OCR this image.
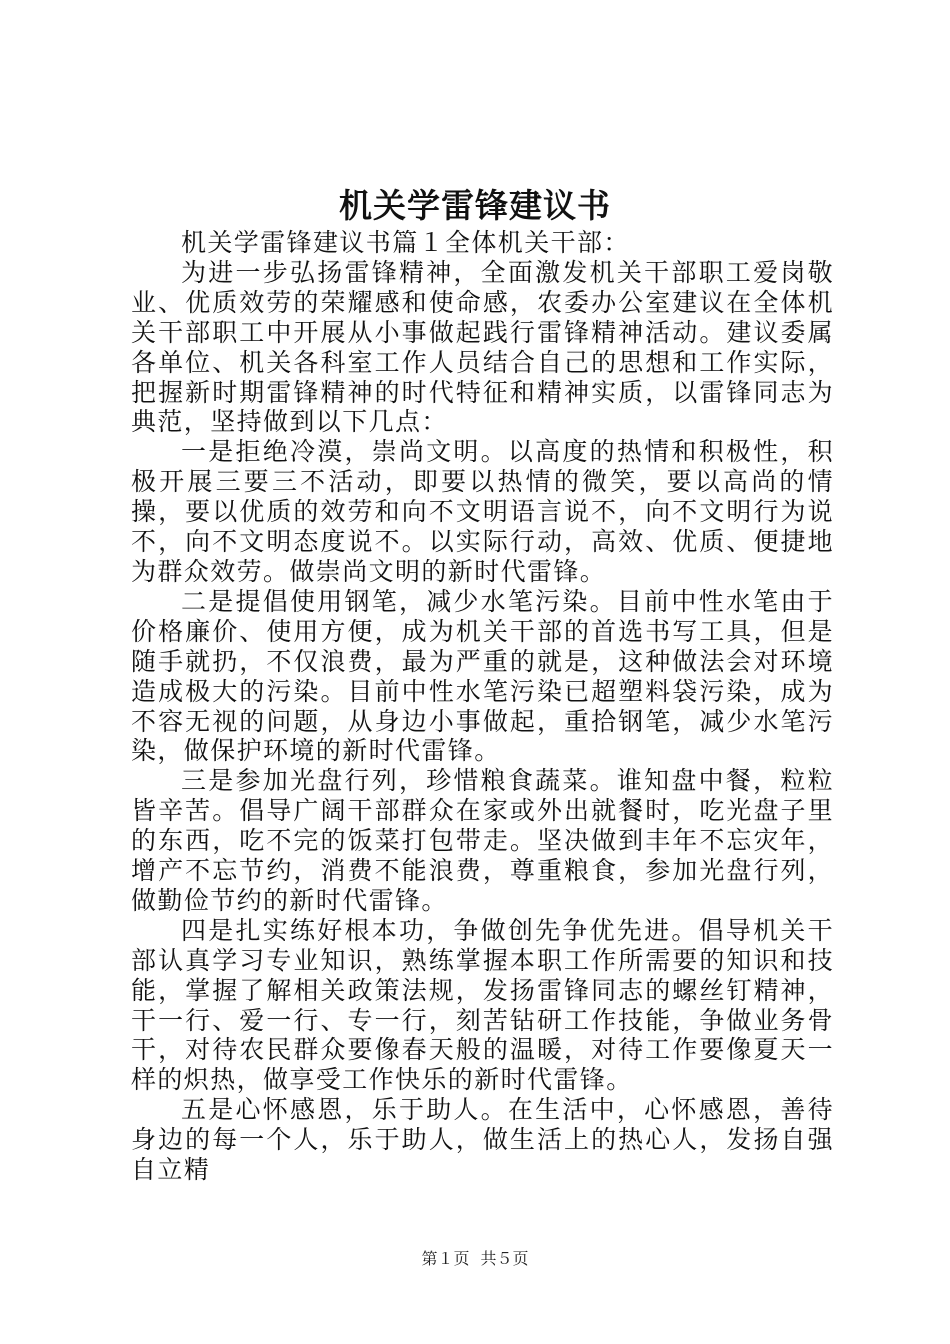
机关学雷锋建议书

机关学雷锋建议书篇１全体机关干部：

为进一步弘扬雷锋精神，全面激发机关干部职工爱岗敬业、优质效劳的荣耀感和使命感，农委办公室建议在全体机关干部职工中开展从小事做起践行雷锋精神活动。建议委属各单位、机关各科室工作人员结合自己的思想和工作实际，把握新时期雷锋精神的时代特征和精神实质，以雷锋同志为典范，坚持做到以下几点：

一是拒绝冷漠，崇尚文明。以高度的热情和积极性，积极开展三要三不活动，即要以热情的微笑，要以高尚的情操，要以优质的效劳和向不文明语言说不，向不文明行为说不，向不文明态度说不。以实际行动，高效、优质、便捷地为群众效劳。做崇尚文明的新时代雷锋。

二是提倡使用钢笔，减少水笔污染。目前中性水笔由于价格廉价、使用方便，成为机关干部的首选书写工具，但是随手就扔，不仅浪费，最为严重的就是，这种做法会对环境造成极大的污染。目前中性水笔污染已超塑料袋污染，成为不容无视的问题，从身边小事做起，重拾钢笔，减少水笔污染，做保护环境的新时代雷锋。

三是参加光盘行列，珍惜粮食蔬菜。谁知盘中餐，粒粒皆辛苦。倡导广阔干部群众在家或外出就餐时，吃光盘子里的东西，吃不完的饭菜打包带走。坚决做到丰年不忘灾年，增产不忘节约，消费不能浪费，尊重粮食，参加光盘行列，做勤俭节约的新时代雷锋。

四是扎实练好根本功，争做创先争优先进。倡导机关干部认真学习专业知识，熟练掌握本职工作所需要的知识和技能，掌握了解相关政策法规，发扬雷锋同志的螺丝钉精神，干一行、爱一行、专一行，刻苦钻研工作技能，争做业务骨干，对待农民群众要像春天般的温暖，对待工作要像夏天一样的炽热，做享受工作快乐的新时代雷锋。

五是心怀感恩，乐于助人。在生活中，心怀感恩，善待身边的每一个人，乐于助人，做生活上的热心人，发扬自强自立精

第１页 共５页
